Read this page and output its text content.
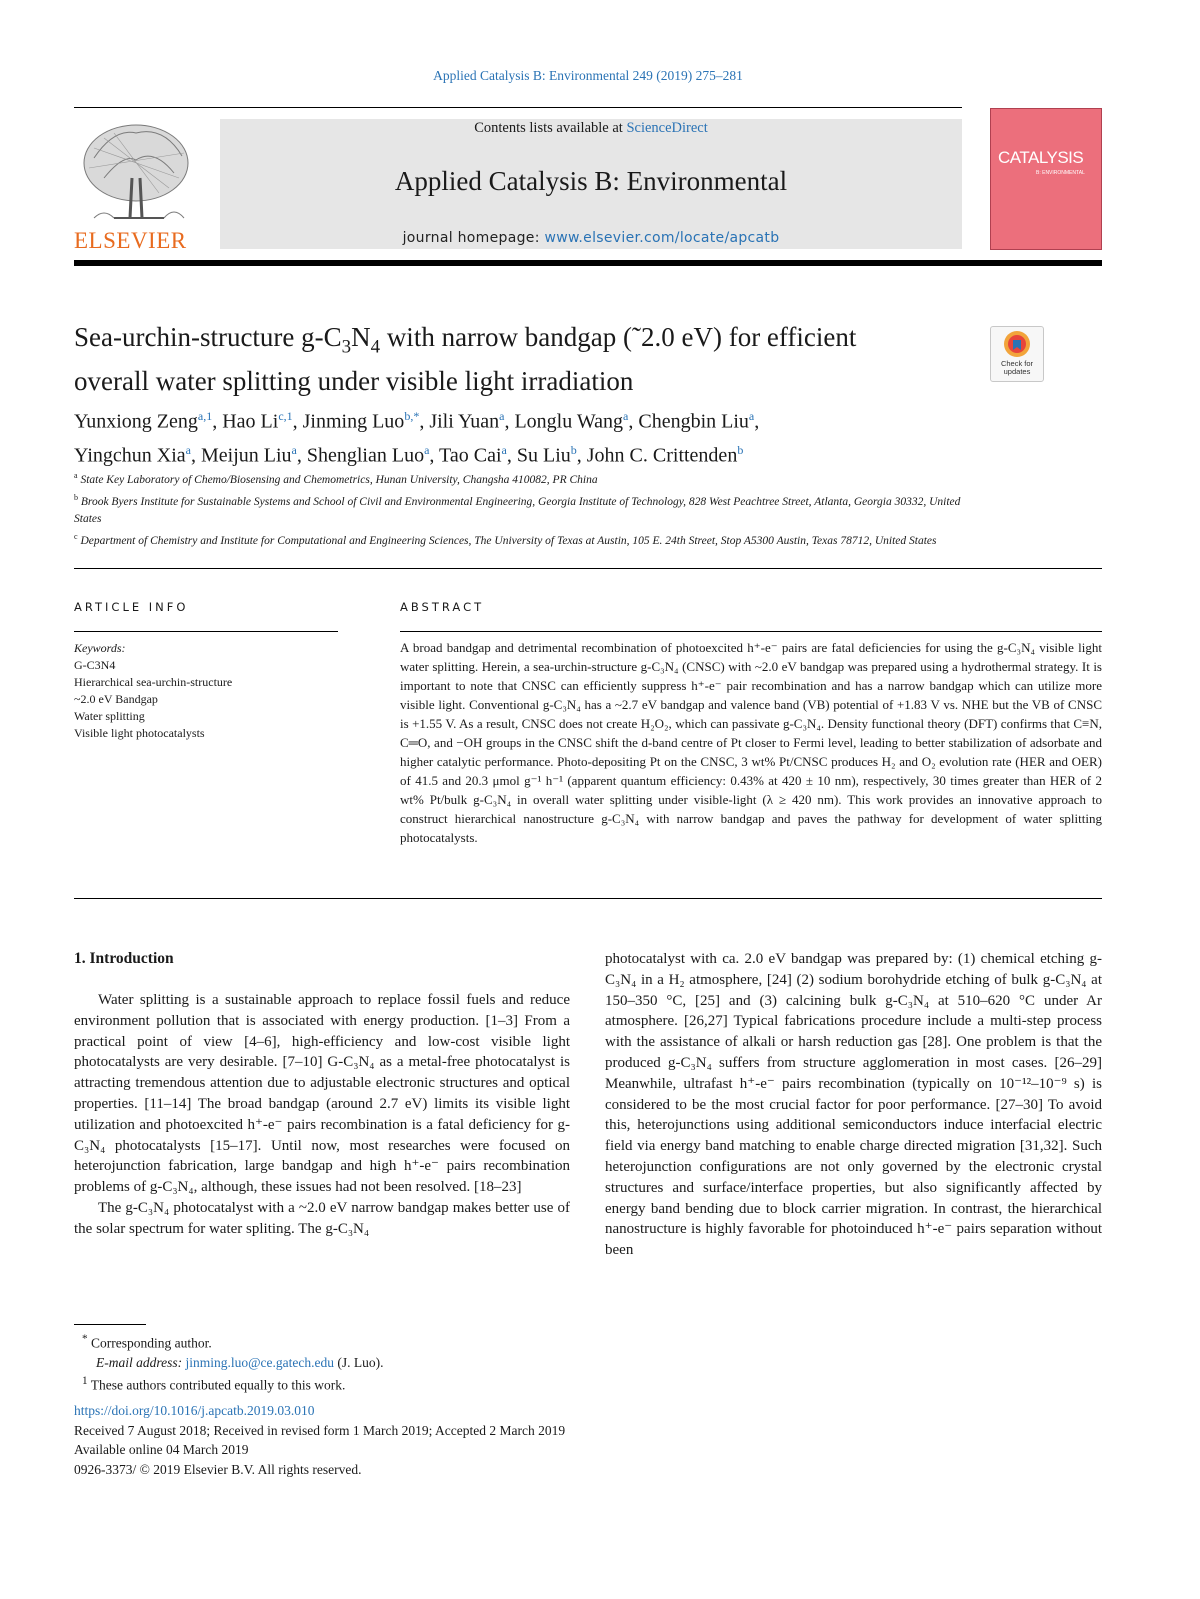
Applied Catalysis B: Environmental 249 (2019) 275–281
ELSEVIER
Contents lists available at ScienceDirect
Applied Catalysis B: Environmental
journal homepage: www.elsevier.com/locate/apcatb
CATALYSIS
B: ENVIRONMENTAL
Sea-urchin-structure $g-C_3N_4$ with narrow bandgap (˜2.0 eV) for efficient
overall water splitting under visible light irradiation
Check for updates
Yunxiong Zeng$^{a,1}$, Hao Li$^{c,1}$, Jinming Luo$^{b,*}$, Jili Yuan$^a$, Longlu Wang$^a$, Chengbin Liu$^a$,
Yingchun Xia$^a$, Meijun Liu$^a$, Shenglian Luo$^a$, Tao Cai$^a$, Su Liu$^b$, John C. Crittenden$^b$
$^a$ State Key Laboratory of Chemo/Biosensing and Chemometrics, Hunan University, Changsha 410082, PR China
$^b$ Brook Byers Institute for Sustainable Systems and School of Civil and Environmental Engineering, Georgia Institute of Technology, 828 West Peachtree Street, Atlanta, Georgia 30332, United States
$^c$ Department of Chemistry and Institute for Computational and Engineering Sciences, The University of Texas at Austin, 105 E. 24th Street, Stop A5300 Austin, Texas 78712, United States
ARTICLE INFO	ABSTRACT
Keywords:
G-C3N4
Hierarchical sea-urchin-structure
~2.0 eV Bandgap
Water splitting
Visible light photocatalysts
A broad bandgap and detrimental recombination of photoexcited h⁺-e⁻ pairs are fatal deficiencies for using the g-C₃N₄ visible light water splitting. Herein, a sea-urchin-structure g-C₃N₄ (CNSC) with ~2.0 eV bandgap was prepared using a hydrothermal strategy. It is important to note that CNSC can efficiently suppress h⁺-e⁻ pair recombination and has a narrow bandgap which can utilize more visible light. Conventional g-C₃N₄ has a ~2.7 eV bandgap and valence band (VB) potential of +1.83 V vs. NHE but the VB of CNSC is +1.55 V. As a result, CNSC does not create H₂O₂, which can passivate g-C₃N₄. Density functional theory (DFT) confirms that C≡N, C═O, and −OH groups in the CNSC shift the d-band centre of Pt closer to Fermi level, leading to better stabilization of adsorbate and higher catalytic performance. Photo-depositing Pt on the CNSC, 3 wt% Pt/CNSC produces H₂ and O₂ evolution rate (HER and OER) of 41.5 and 20.3 μmol g⁻¹ h⁻¹ (apparent quantum efficiency: 0.43% at 420 ± 10 nm), respectively, 30 times greater than HER of 2 wt% Pt/bulk g-C₃N₄ in overall water splitting under visible-light (λ ≥ 420 nm). This work provides an innovative approach to construct hierarchical nanostructure g-C₃N₄ with narrow bandgap and paves the pathway for development of water splitting photocatalysts.
1. Introduction

Water splitting is a sustainable approach to replace fossil fuels and reduce environment pollution that is associated with energy production. [1–3] From a practical point of view [4–6], high-efficiency and low-cost visible light photocatalysts are very desirable. [7–10] G-C₃N₄ as a metal-free photocatalyst is attracting tremendous attention due to adjustable electronic structures and optical properties. [11–14] The broad bandgap (around 2.7 eV) limits its visible light utilization and photoexcited h⁺-e⁻ pairs recombination is a fatal deficiency for g-C₃N₄ photocatalysts [15–17]. Until now, most researches were focused on heterojunction fabrication, large bandgap and high h⁺-e⁻ pairs recombination problems of g-C₃N₄, although, these issues had not been resolved. [18–23]

The g-C₃N₄ photocatalyst with a ~2.0 eV narrow bandgap makes better use of the solar spectrum for water spliting. The g-C₃N₄

photocatalyst with ca. 2.0 eV bandgap was prepared by: (1) chemical etching g-C₃N₄ in a H₂ atmosphere, [24] (2) sodium borohydride etching of bulk g-C₃N₄ at 150–350 °C, [25] and (3) calcining bulk g-C₃N₄ at 510–620 °C under Ar atmosphere. [26,27] Typical fabrications procedure include a multi-step process with the assistance of alkali or harsh reduction gas [28]. One problem is that the produced g-C₃N₄ suffers from structure agglomeration in most cases. [26–29] Meanwhile, ultrafast h⁺-e⁻ pairs recombination (typically on 10⁻¹²–10⁻⁹ s) is considered to be the most crucial factor for poor performance. [27–30] To avoid this, heterojunctions using additional semiconductors induce interfacial electric field via energy band matching to enable charge directed migration [31,32]. Such heterojunction configurations are not only governed by the electronic crystal structures and surface/interface properties, but also significantly affected by energy band bending due to block carrier migration. In contrast, the hierarchical nanostructure is highly favorable for photoinduced h⁺-e⁻ pairs separation without been

* Corresponding author.
E-mail address: jinming.luo@ce.gatech.edu (J. Luo).
$^1$ These authors contributed equally to this work.
https://doi.org/10.1016/j.apcatb.2019.03.010
Received 7 August 2018; Received in revised form 1 March 2019; Accepted 2 March 2019
Available online 04 March 2019
0926-3373/ © 2019 Elsevier B.V. All rights reserved.
